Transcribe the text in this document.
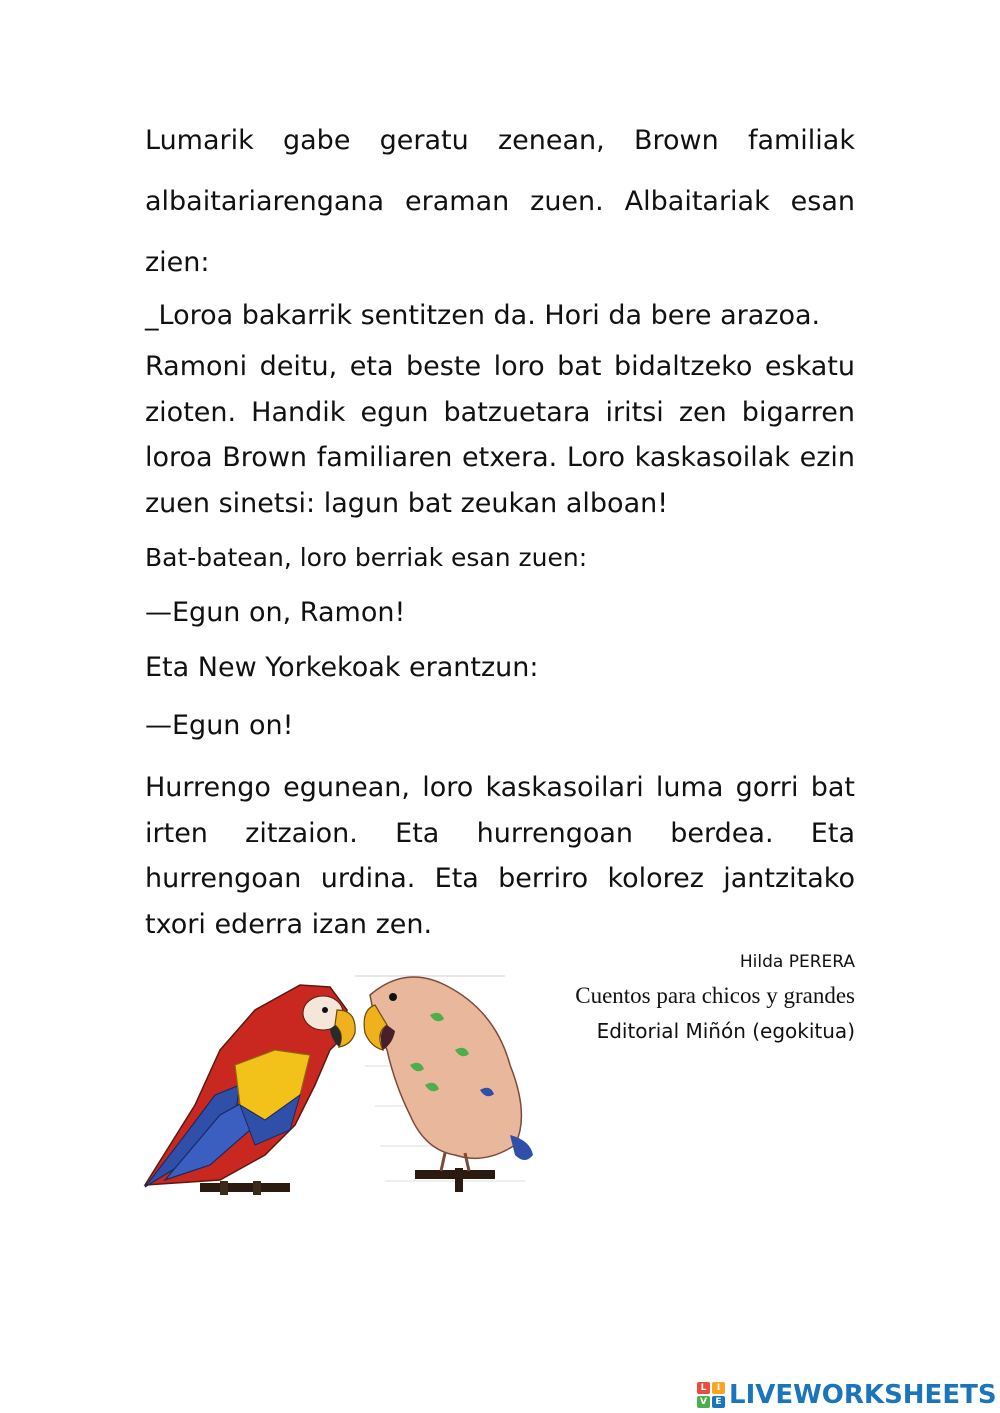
Lumarik gabe geratu zenean, Brown familiak albaitariarengana eraman zuen. Albaitariak esan zien:

_Loroa bakarrik sentitzen da. Hori da bere arazoa.

Ramoni deitu, eta beste loro bat bidaltzeko eskatu zioten. Handik egun batzuetara iritsi zen bigarren loroa Brown familiaren etxera. Loro kaskasoilak ezin zuen sinetsi: lagun bat zeukan alboan!

Bat-batean, loro berriak esan zuen:
—Egun on, Ramon!
Eta New Yorkekoak erantzun:
—Egun on!

Hurrengo egunean, loro kaskasoilari luma gorri bat irten zitzaion. Eta hurrengoan berdea. Eta hurrengoan urdina. Eta berriro kolorez jantzitako txori ederra izan zen.

Hilda PERERA
Cuentos para chicos y grandes
Editorial Miñón (egokitua)
L	I
V E LIVEWORKSHEETS
